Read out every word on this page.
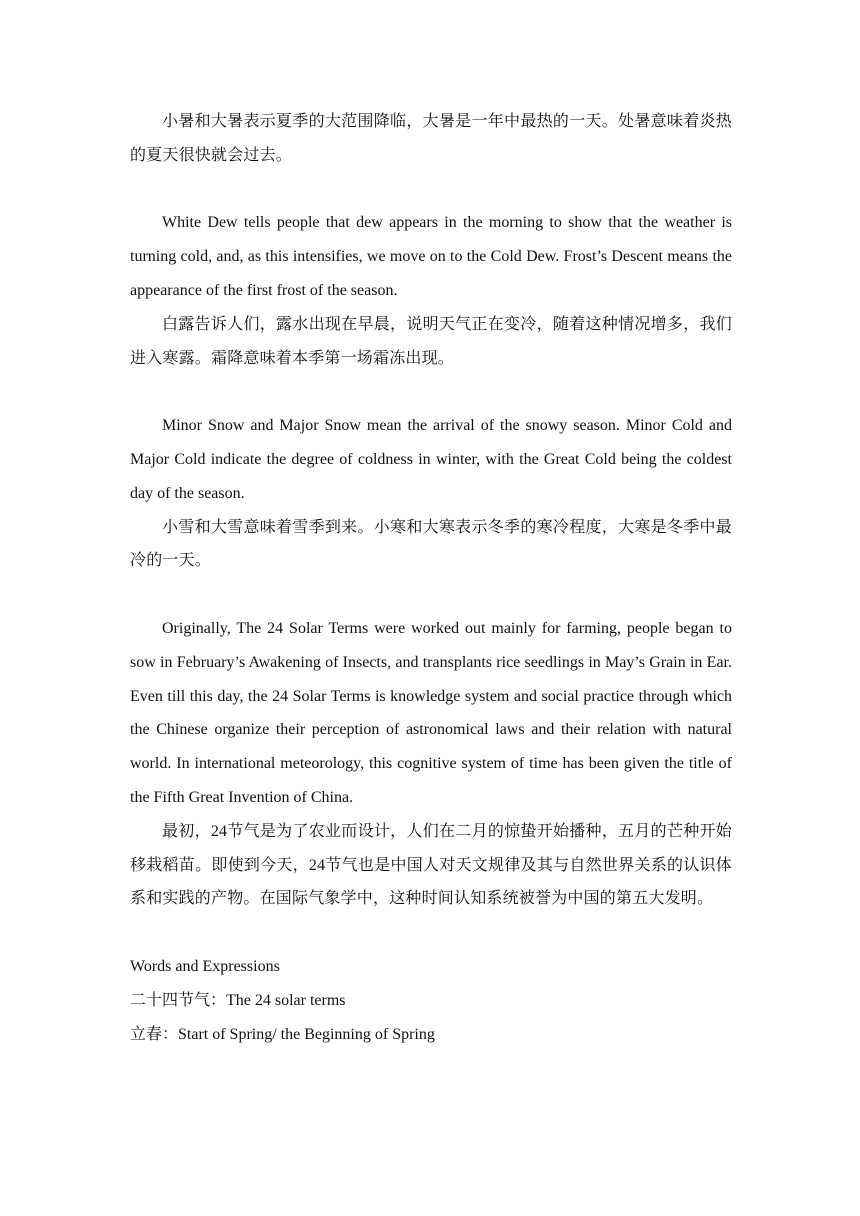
小暑和大暑表示夏季的大范围降临，大暑是一年中最热的一天。处暑意味着炎热的夏天很快就会过去。

White Dew tells people that dew appears in the morning to show that the weather is turning cold, and, as this intensifies, we move on to the Cold Dew. Frost’s Descent means the appearance of the first frost of the season.

白露告诉人们，露水出现在早晨，说明天气正在变冷，随着这种情况增多，我们进入寒露。霜降意味着本季第一场霜冻出现。

Minor Snow and Major Snow mean the arrival of the snowy season. Minor Cold and Major Cold indicate the degree of coldness in winter, with the Great Cold being the coldest day of the season.

小雪和大雪意味着雪季到来。小寒和大寒表示冬季的寒冷程度，大寒是冬季中最冷的一天。

Originally, The 24 Solar Terms were worked out mainly for farming, people began to sow in February’s Awakening of Insects, and transplants rice seedlings in May’s Grain in Ear. Even till this day, the 24 Solar Terms is knowledge system and social practice through which the Chinese organize their perception of astronomical laws and their relation with natural world. In international meteorology, this cognitive system of time has been given the title of the Fifth Great Invention of China.

最初，24节气是为了农业而设计，人们在二月的惊蛰开始播种，五月的芒种开始移栽稻苗。即使到今天，24节气也是中国人对天文规律及其与自然世界关系的认识体系和实践的产物。在国际气象学中，这种时间认知系统被誉为中国的第五大发明。

Words and Expressions

二十四节气：The 24 solar terms

立春：Start of Spring/ the Beginning of Spring
